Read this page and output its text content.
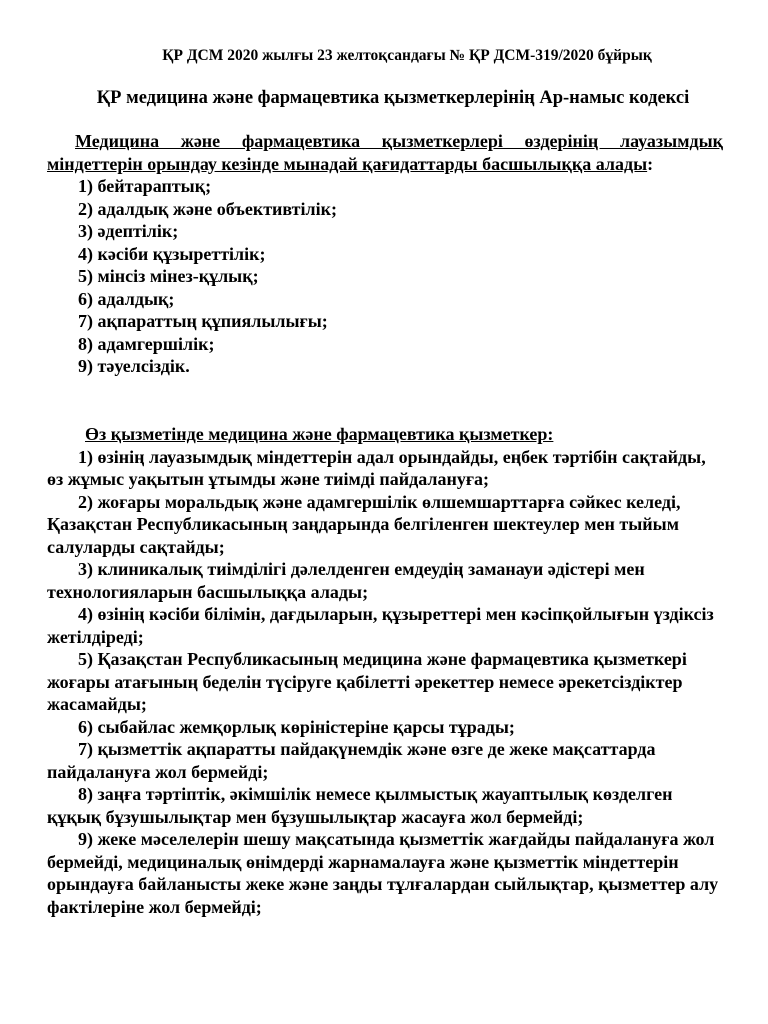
ҚР ДСМ 2020 жылғы 23 желтоқсандағы № ҚР ДСМ-319/2020 бұйрық
ҚР медицина және фармацевтика қызметкерлерінің Ар-намыс кодексі

Медицина және фармацевтика қызметкерлері өздерінің лауазымдық міндеттерін орындау кезінде мынадай қағидаттарды басшылыққа алады:

1) бейтараптық;
2) адалдық және объективтілік;
3) әдептілік;
4) кәсіби құзыреттілік;
5) мінсіз мінез-құлық;
6) адалдық;
7) ақпараттың құпиялылығы;
8) адамгершілік;
9) тәуелсіздік.

Өз қызметінде медицина және фармацевтика қызметкер:

1) өзінің лауазымдық міндеттерін адал орындайды, еңбек тәртібін сақтайды, өз жұмыс уақытын ұтымды және тиімді пайдалануға;
2) жоғары моральдық және адамгершілік өлшемшарттарға сәйкес келеді, Қазақстан Республикасының заңдарында белгіленген шектеулер мен тыйым салуларды сақтайды;
3) клиникалық тиімділігі дәлелденген емдеудің заманауи әдістері мен технологияларын басшылыққа алады;
4) өзінің кәсіби білімін, дағдыларын, құзыреттері мен кәсіпқойлығын үздіксіз жетілдіреді;
5) Қазақстан Республикасының медицина және фармацевтика қызметкері жоғары атағының беделін түсіруге қабілетті әрекеттер немесе әрекетсіздіктер жасамайды;
6) сыбайлас жемқорлық көріністеріне қарсы тұрады;
7) қызметтік ақпаратты пайдақүнемдік және өзге де жеке мақсаттарда пайдалануға жол бермейді;
8) заңға тәртіптік, әкімшілік немесе қылмыстық жауаптылық көзделген құқық бұзушылықтар мен бұзушылықтар жасауға жол бермейді;
9) жеке мәселелерін шешу мақсатында қызметтік жағдайды пайдалануға жол бермейді, медициналық өнімдерді жарнамалауға және қызметтік міндеттерін орындауға байланысты жеке және заңды тұлғалардан сыйлықтар, қызметтер алу фактілеріне жол бермейді;
